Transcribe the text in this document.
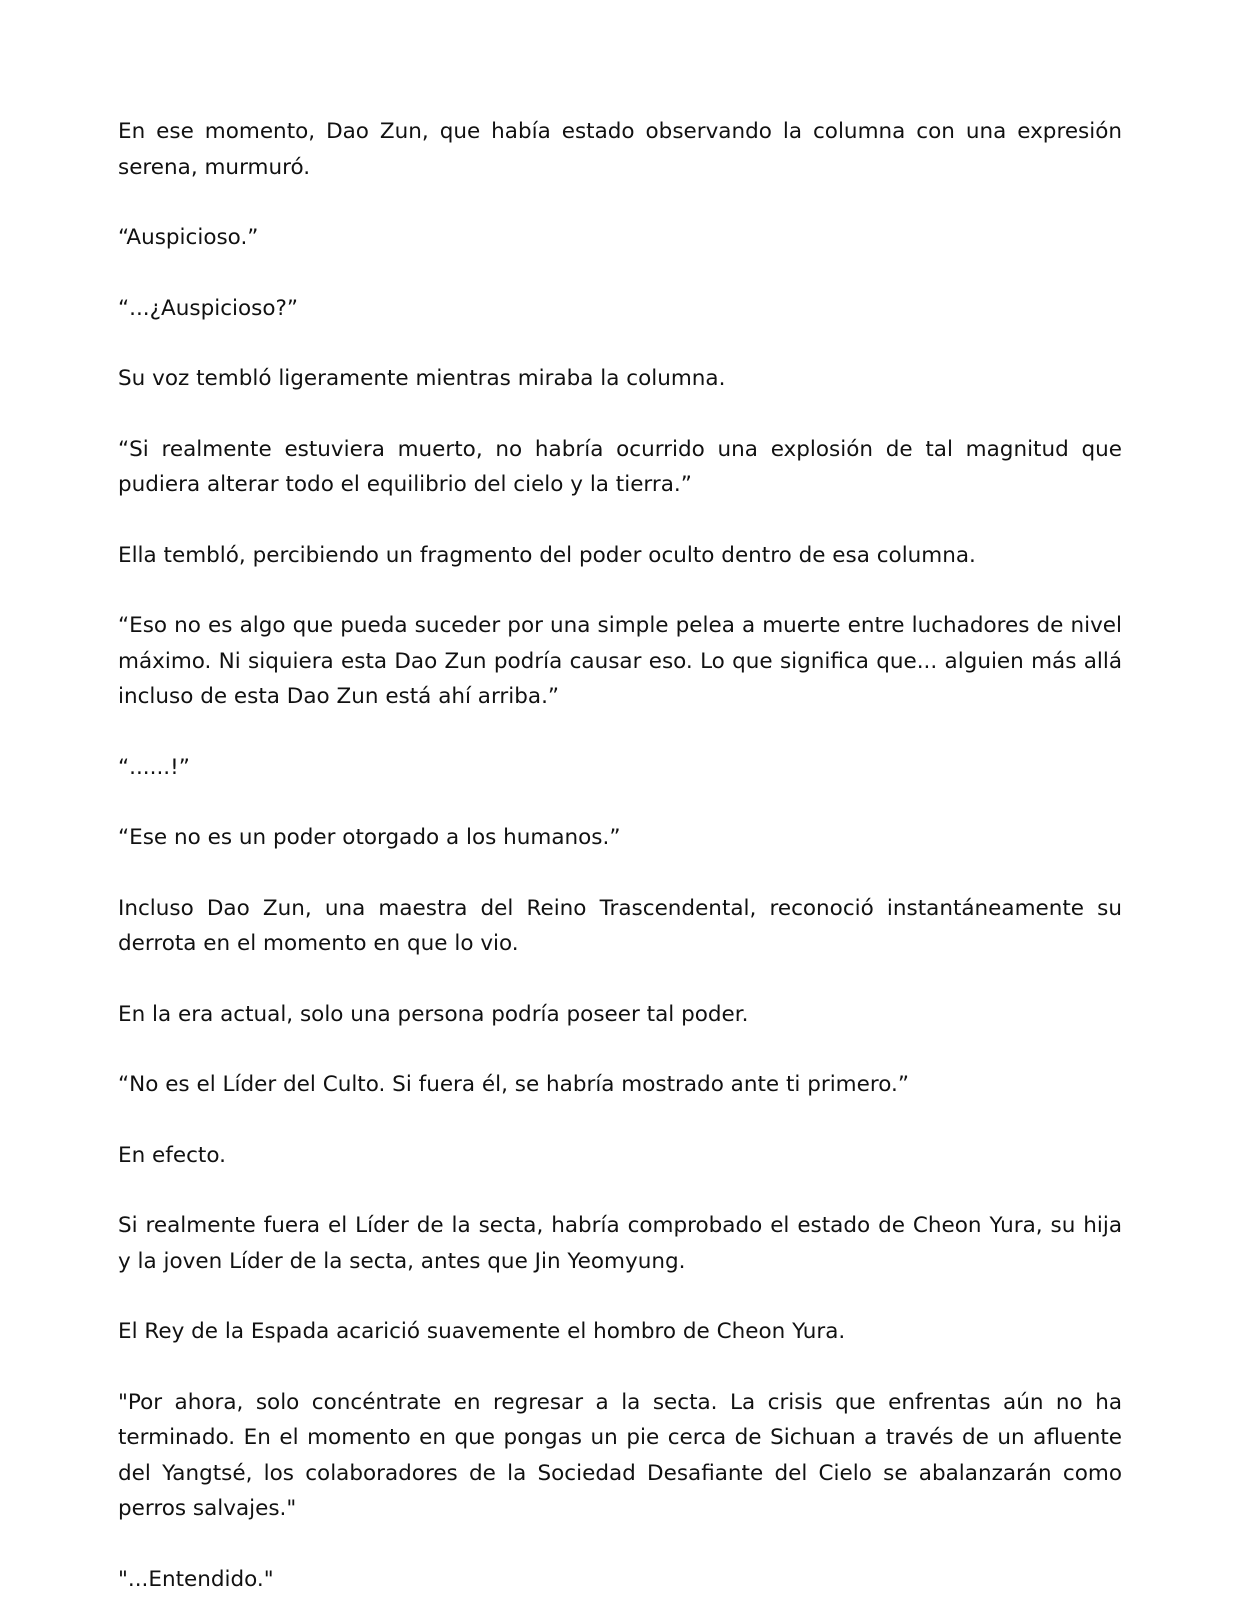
En ese momento, Dao Zun, que había estado observando la columna con una expresión serena, murmuró.

“Auspicioso.”

“...¿Auspicioso?”

Su voz tembló ligeramente mientras miraba la columna.

“Si realmente estuviera muerto, no habría ocurrido una explosión de tal magnitud que pudiera alterar todo el equilibrio del cielo y la tierra.”

Ella tembló, percibiendo un fragmento del poder oculto dentro de esa columna.

“Eso no es algo que pueda suceder por una simple pelea a muerte entre luchadores de nivel máximo. Ni siquiera esta Dao Zun podría causar eso. Lo que significa que... alguien más allá incluso de esta Dao Zun está ahí arriba.”

“......!”

“Ese no es un poder otorgado a los humanos.”

Incluso Dao Zun, una maestra del Reino Trascendental, reconoció instantáneamente su derrota en el momento en que lo vio.

En la era actual, solo una persona podría poseer tal poder.

“No es el Líder del Culto. Si fuera él, se habría mostrado ante ti primero.”

En efecto.

Si realmente fuera el Líder de la secta, habría comprobado el estado de Cheon Yura, su hija y la joven Líder de la secta, antes que Jin Yeomyung.

El Rey de la Espada acarició suavemente el hombro de Cheon Yura.

"Por ahora, solo concéntrate en regresar a la secta. La crisis que enfrentas aún no ha terminado. En el momento en que pongas un pie cerca de Sichuan a través de un afluente del Yangtsé, los colaboradores de la Sociedad Desafiante del Cielo se abalanzarán como perros salvajes."

"...Entendido."
